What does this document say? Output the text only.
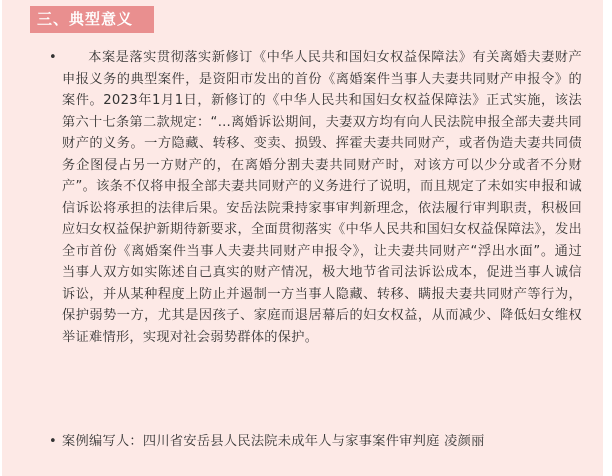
三、典型意义
• 本案是落实贯彻落实新修订《中华人民共和国妇女权益保障法》有关离婚夫妻财产申报义务的典型案件，是资阳市发出的首份《离婚案件当事人夫妻共同财产申报令》的案件。2023年1月1日，新修订的《中华人民共和国妇女权益保障法》正式实施，该法第六十七条第二款规定：“…离婚诉讼期间，夫妻双方均有向人民法院申报全部夫妻共同财产的义务。一方隐藏、转移、变卖、损毁、挥霍夫妻共同财产，或者伪造夫妻共同债务企图侵占另一方财产的，在离婚分割夫妻共同财产时，对该方可以少分或者不分财产”。该条不仅将申报全部夫妻共同财产的义务进行了说明，而且规定了未如实申报和诚信诉讼将承担的法律后果。安岳法院秉持家事审判新理念，依法履行审判职责，积极回应妇女权益保护新期待新要求，全面贯彻落实《中华人民共和国妇女权益保障法》，发出全市首份《离婚案件当事人夫妻共同财产申报令》，让夫妻共同财产“浮出水面”。通过当事人双方如实陈述自己真实的财产情况，极大地节省司法诉讼成本，促进当事人诚信诉讼，并从某种程度上防止并遏制一方当事人隐藏、转移、瞒报夫妻共同财产等行为，保护弱势一方，尤其是因孩子、家庭而退居幕后的妇女权益，从而减少、降低妇女维权举证难情形，实现对社会弱势群体的保护。
• 案例编写人：四川省安岳县人民法院未成年人与家事案件审判庭 凌颜丽
